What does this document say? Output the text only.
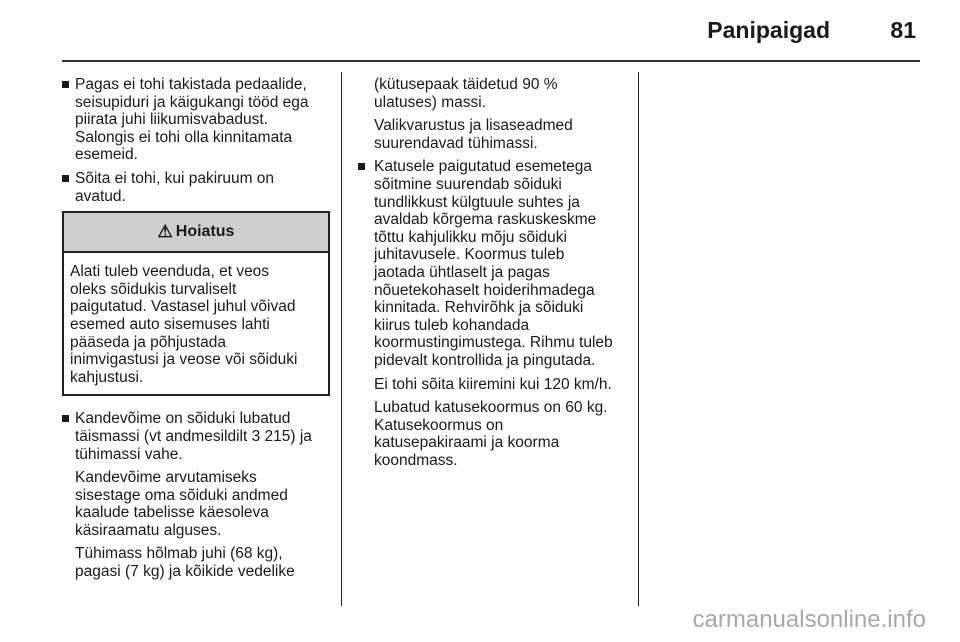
Panipaigad	81
Pagas ei tohi takistada pedaalide,
seisupiduri ja käigukangi tööd ega
piirata juhi liikumisvabadust.
Salongis ei tohi olla kinnitamata
esemeid.
Sõita ei tohi, kui pakiruum on
avatud.
⚠ Hoiatus
Alati tuleb veenduda, et veos
oleks sõidukis turvaliselt
paigutatud. Vastasel juhul võivad
esemed auto sisemuses lahti
pääseda ja põhjustada
inimvigastusi ja veose või sõiduki
kahjustusi.
Kandevõime on sõiduki lubatud
täismassi (vt andmesildilt 3 215) ja
tühimassi vahe.
Kandevõime arvutamiseks
sisestage oma sõiduki andmed
kaalude tabelisse käesoleva
käsiraamatu alguses.
Tühimass hõlmab juhi (68 kg),
pagasi (7 kg) ja kõikide vedelike
(kütusepaak täidetud 90 %
ulatuses) massi.
Valikvarustus ja lisaseadmed
suurendavad tühimassi.
Katusele paigutatud esemetega
sõitmine suurendab sõiduki
tundlikkust külgtuule suhtes ja
avaldab kõrgema raskuskeskme
tõttu kahjulikku mõju sõiduki
juhitavusele. Koormus tuleb
jaotada ühtlaselt ja pagas
nõuetekohaselt hoiderihmadega
kinnitada. Rehvirõhk ja sõiduki
kiirus tuleb kohandada
koormustingimustega. Rihmu tuleb
pidevalt kontrollida ja pingutada.
Ei tohi sõita kiiremini kui 120 km/h.
Lubatud katusekoormus on 60 kg.
Katusekoormus on
katusepakiraami ja koorma
koondmass.
carmanualsonline.info
